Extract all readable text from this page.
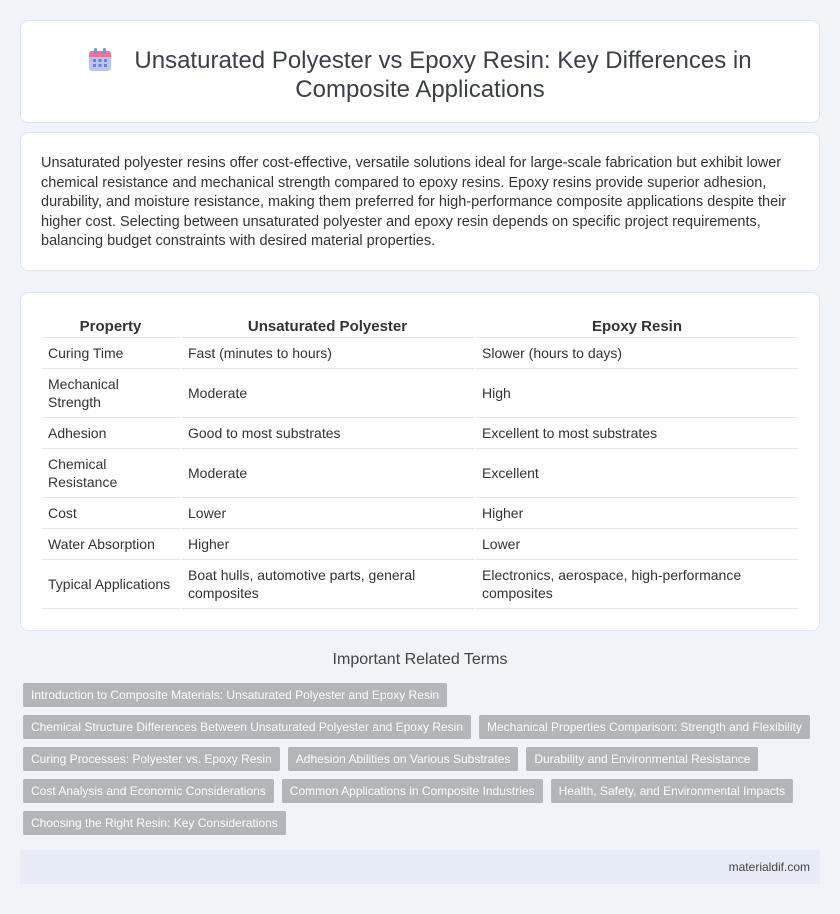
Unsaturated Polyester vs Epoxy Resin: Key Differences in Composite Applications

Unsaturated polyester resins offer cost-effective, versatile solutions ideal for large-scale fabrication but exhibit lower chemical resistance and mechanical strength compared to epoxy resins. Epoxy resins provide superior adhesion, durability, and moisture resistance, making them preferred for high-performance composite applications despite their higher cost. Selecting between unsaturated polyester and epoxy resin depends on specific project requirements, balancing budget constraints with desired material properties.

Property	Unsaturated Polyester	Epoxy Resin
Curing Time	Fast (minutes to hours)	Slower (hours to days)
Mechanical Strength	Moderate	High
Adhesion	Good to most substrates	Excellent to most substrates
Chemical Resistance	Moderate	Excellent
Cost	Lower	Higher
Water Absorption	Higher	Lower
Typical Applications	Boat hulls, automotive parts, general composites	Electronics, aerospace, high-performance composites
Important Related Terms
Introduction to Composite Materials: Unsaturated Polyester and Epoxy Resin
Chemical Structure Differences Between Unsaturated Polyester and Epoxy Resin	Mechanical Properties Comparison: Strength and Flexibility
Curing Processes: Polyester vs. Epoxy Resin	Adhesion Abilities on Various Substrates	Durability and Environmental Resistance
Cost Analysis and Economic Considerations	Common Applications in Composite Industries	Health, Safety, and Environmental Impacts
Choosing the Right Resin: Key Considerations
materialdif.com
